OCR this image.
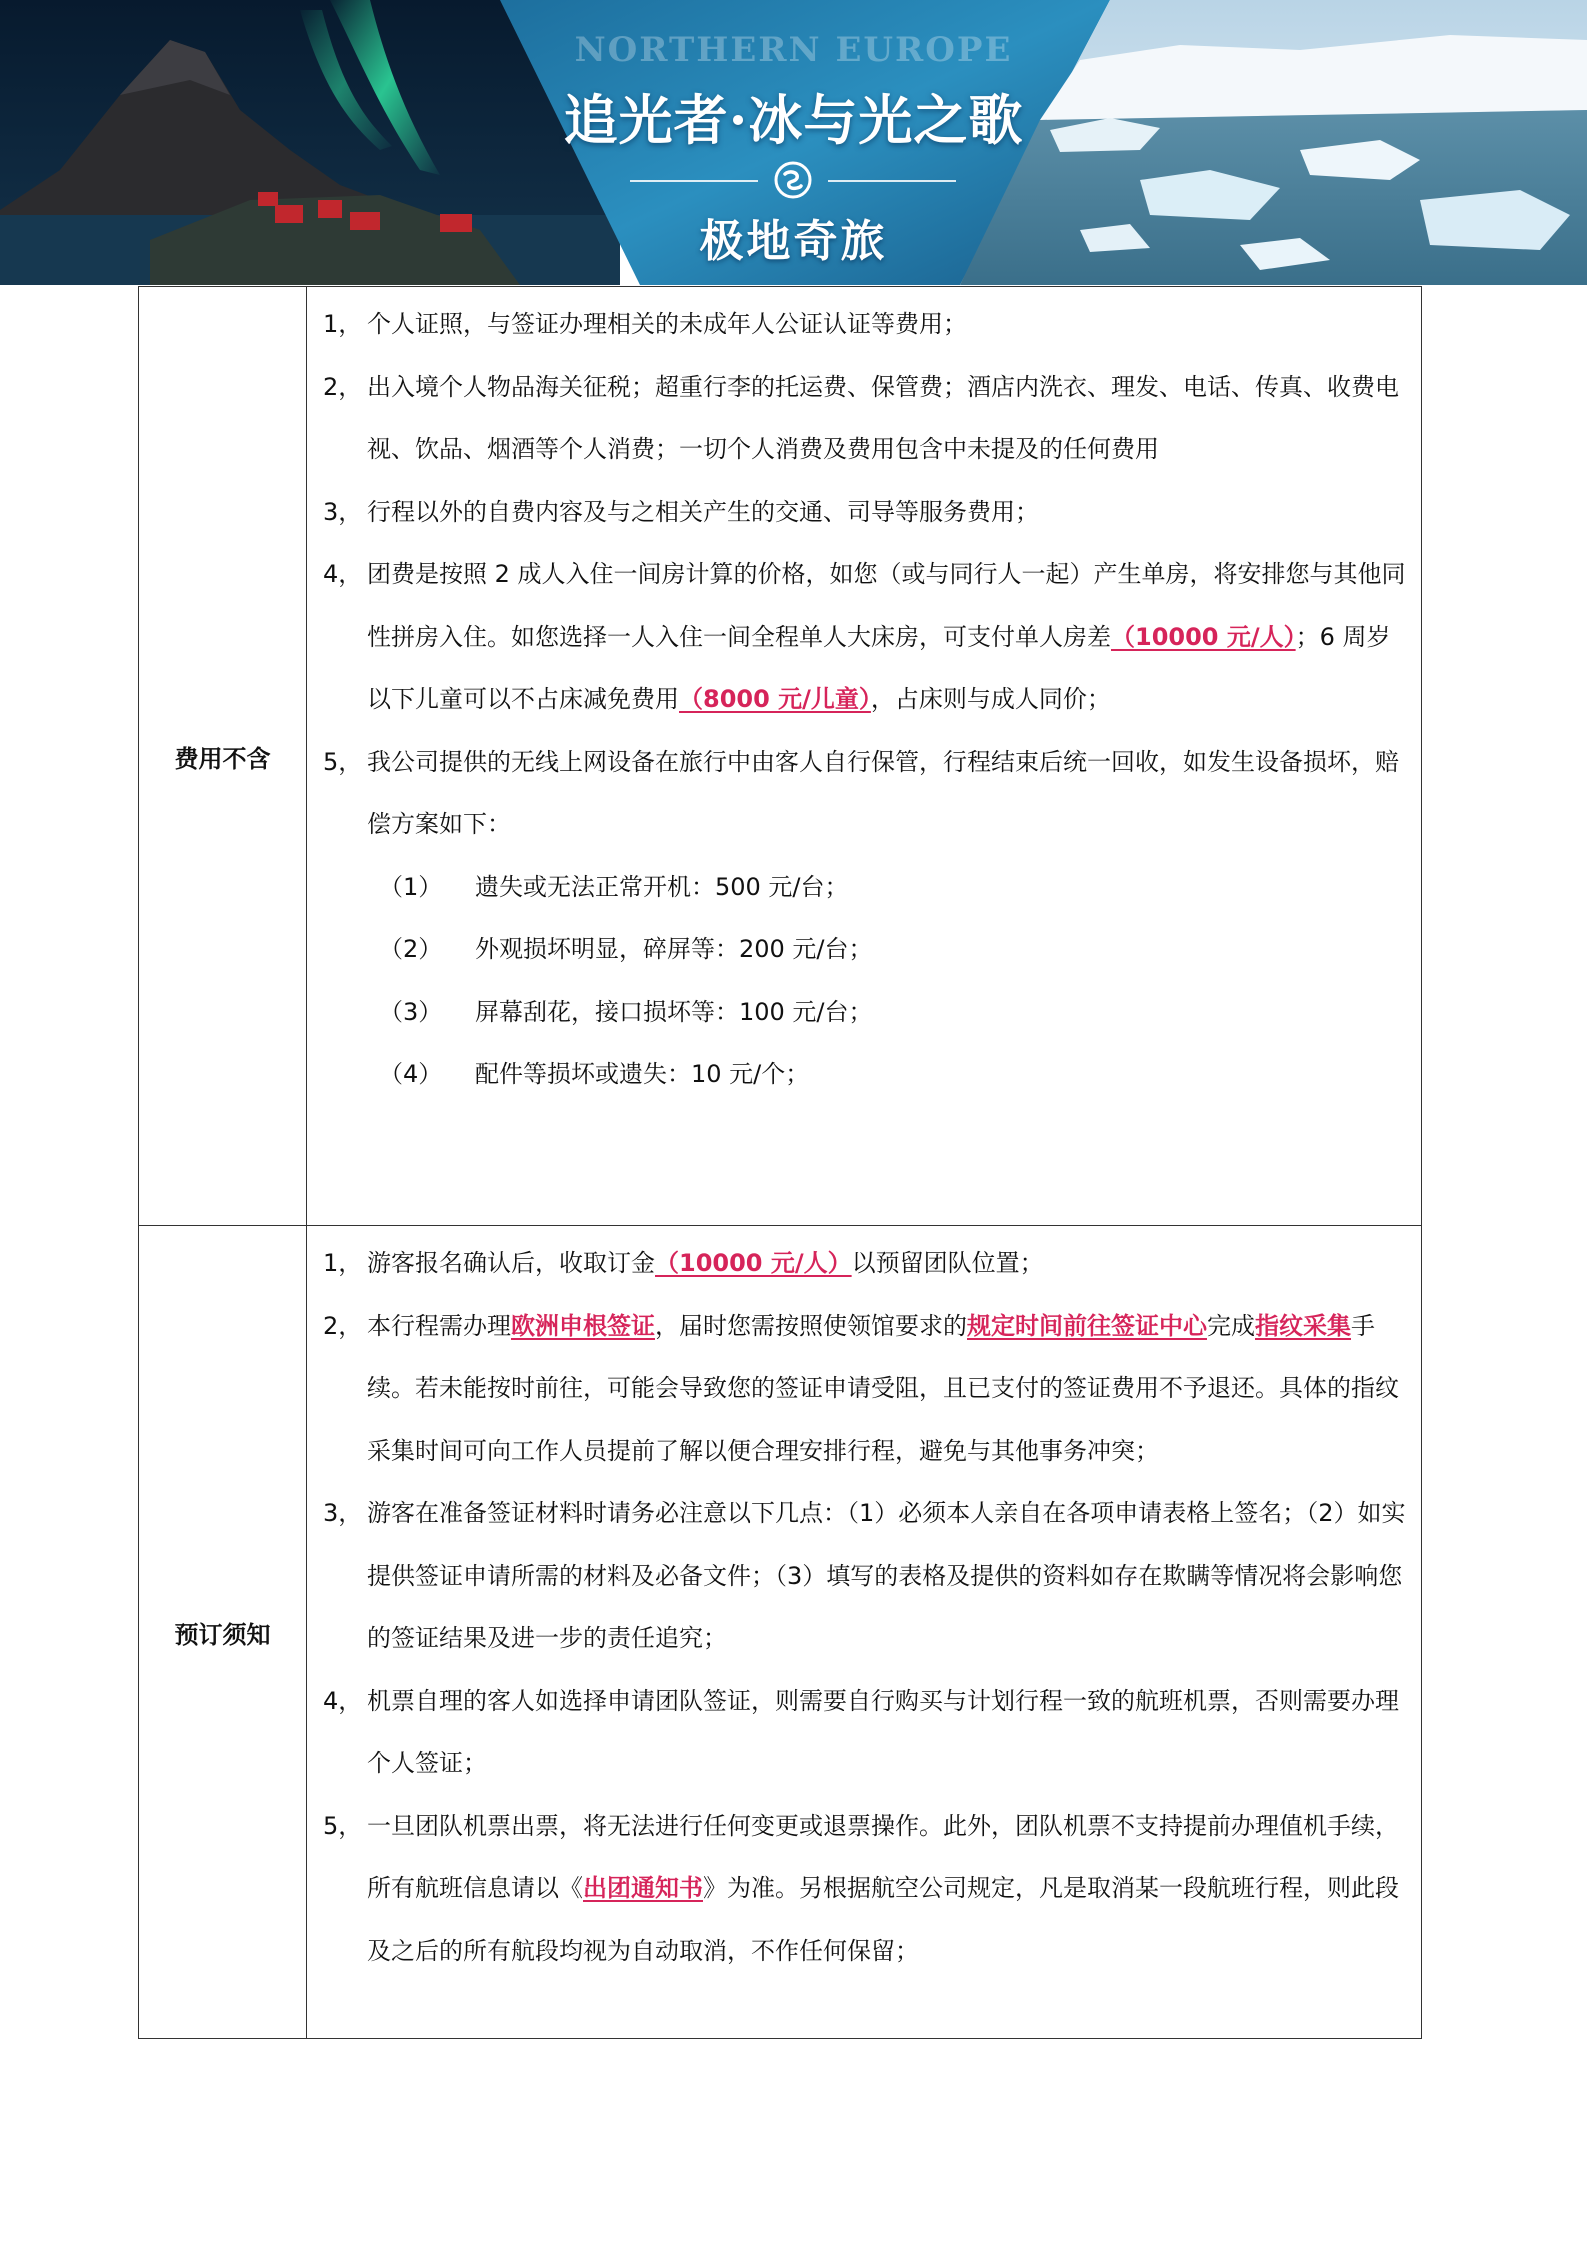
NORTHERN EUROPE
追光者·冰与光之歌
极地奇旅
费用不含
1， 个人证照，与签证办理相关的未成年人公证认证等费用；
2， 出入境个人物品海关征税；超重行李的托运费、保管费；酒店内洗衣、理发、电话、传真、收费电视、饮品、烟酒等个人消费；一切个人消费及费用包含中未提及的任何费用
3， 行程以外的自费内容及与之相关产生的交通、司导等服务费用；
4， 团费是按照 2 成人入住一间房计算的价格，如您（或与同行人一起）产生单房，将安排您与其他同性拼房入住。如您选择一人入住一间全程单人大床房，可支付单人房差（10000 元/人）；6 周岁以下儿童可以不占床减免费用（8000 元/儿童），占床则与成人同价；
5， 我公司提供的无线上网设备在旅行中由客人自行保管，行程结束后统一回收，如发生设备损坏，赔偿方案如下：
（1）	遗失或无法正常开机：500 元/台；
（2）	外观损坏明显，碎屏等：200 元/台；
（3）	屏幕刮花，接口损坏等：100 元/台；
（4）	配件等损坏或遗失：10 元/个；
预订须知
1， 游客报名确认后，收取订金（10000 元/人）以预留团队位置；
2， 本行程需办理欧洲申根签证，届时您需按照使领馆要求的规定时间前往签证中心完成指纹采集手续。若未能按时前往，可能会导致您的签证申请受阻，且已支付的签证费用不予退还。具体的指纹采集时间可向工作人员提前了解以便合理安排行程，避免与其他事务冲突；
3， 游客在准备签证材料时请务必注意以下几点：（1）必须本人亲自在各项申请表格上签名；（2）如实提供签证申请所需的材料及必备文件；（3）填写的表格及提供的资料如存在欺瞒等情况将会影响您的签证结果及进一步的责任追究；
4， 机票自理的客人如选择申请团队签证，则需要自行购买与计划行程一致的航班机票，否则需要办理个人签证；
5， 一旦团队机票出票，将无法进行任何变更或退票操作。此外，团队机票不支持提前办理值机手续，所有航班信息请以《出团通知书》为准。另根据航空公司规定，凡是取消某一段航班行程，则此段及之后的所有航段均视为自动取消，不作任何保留；
